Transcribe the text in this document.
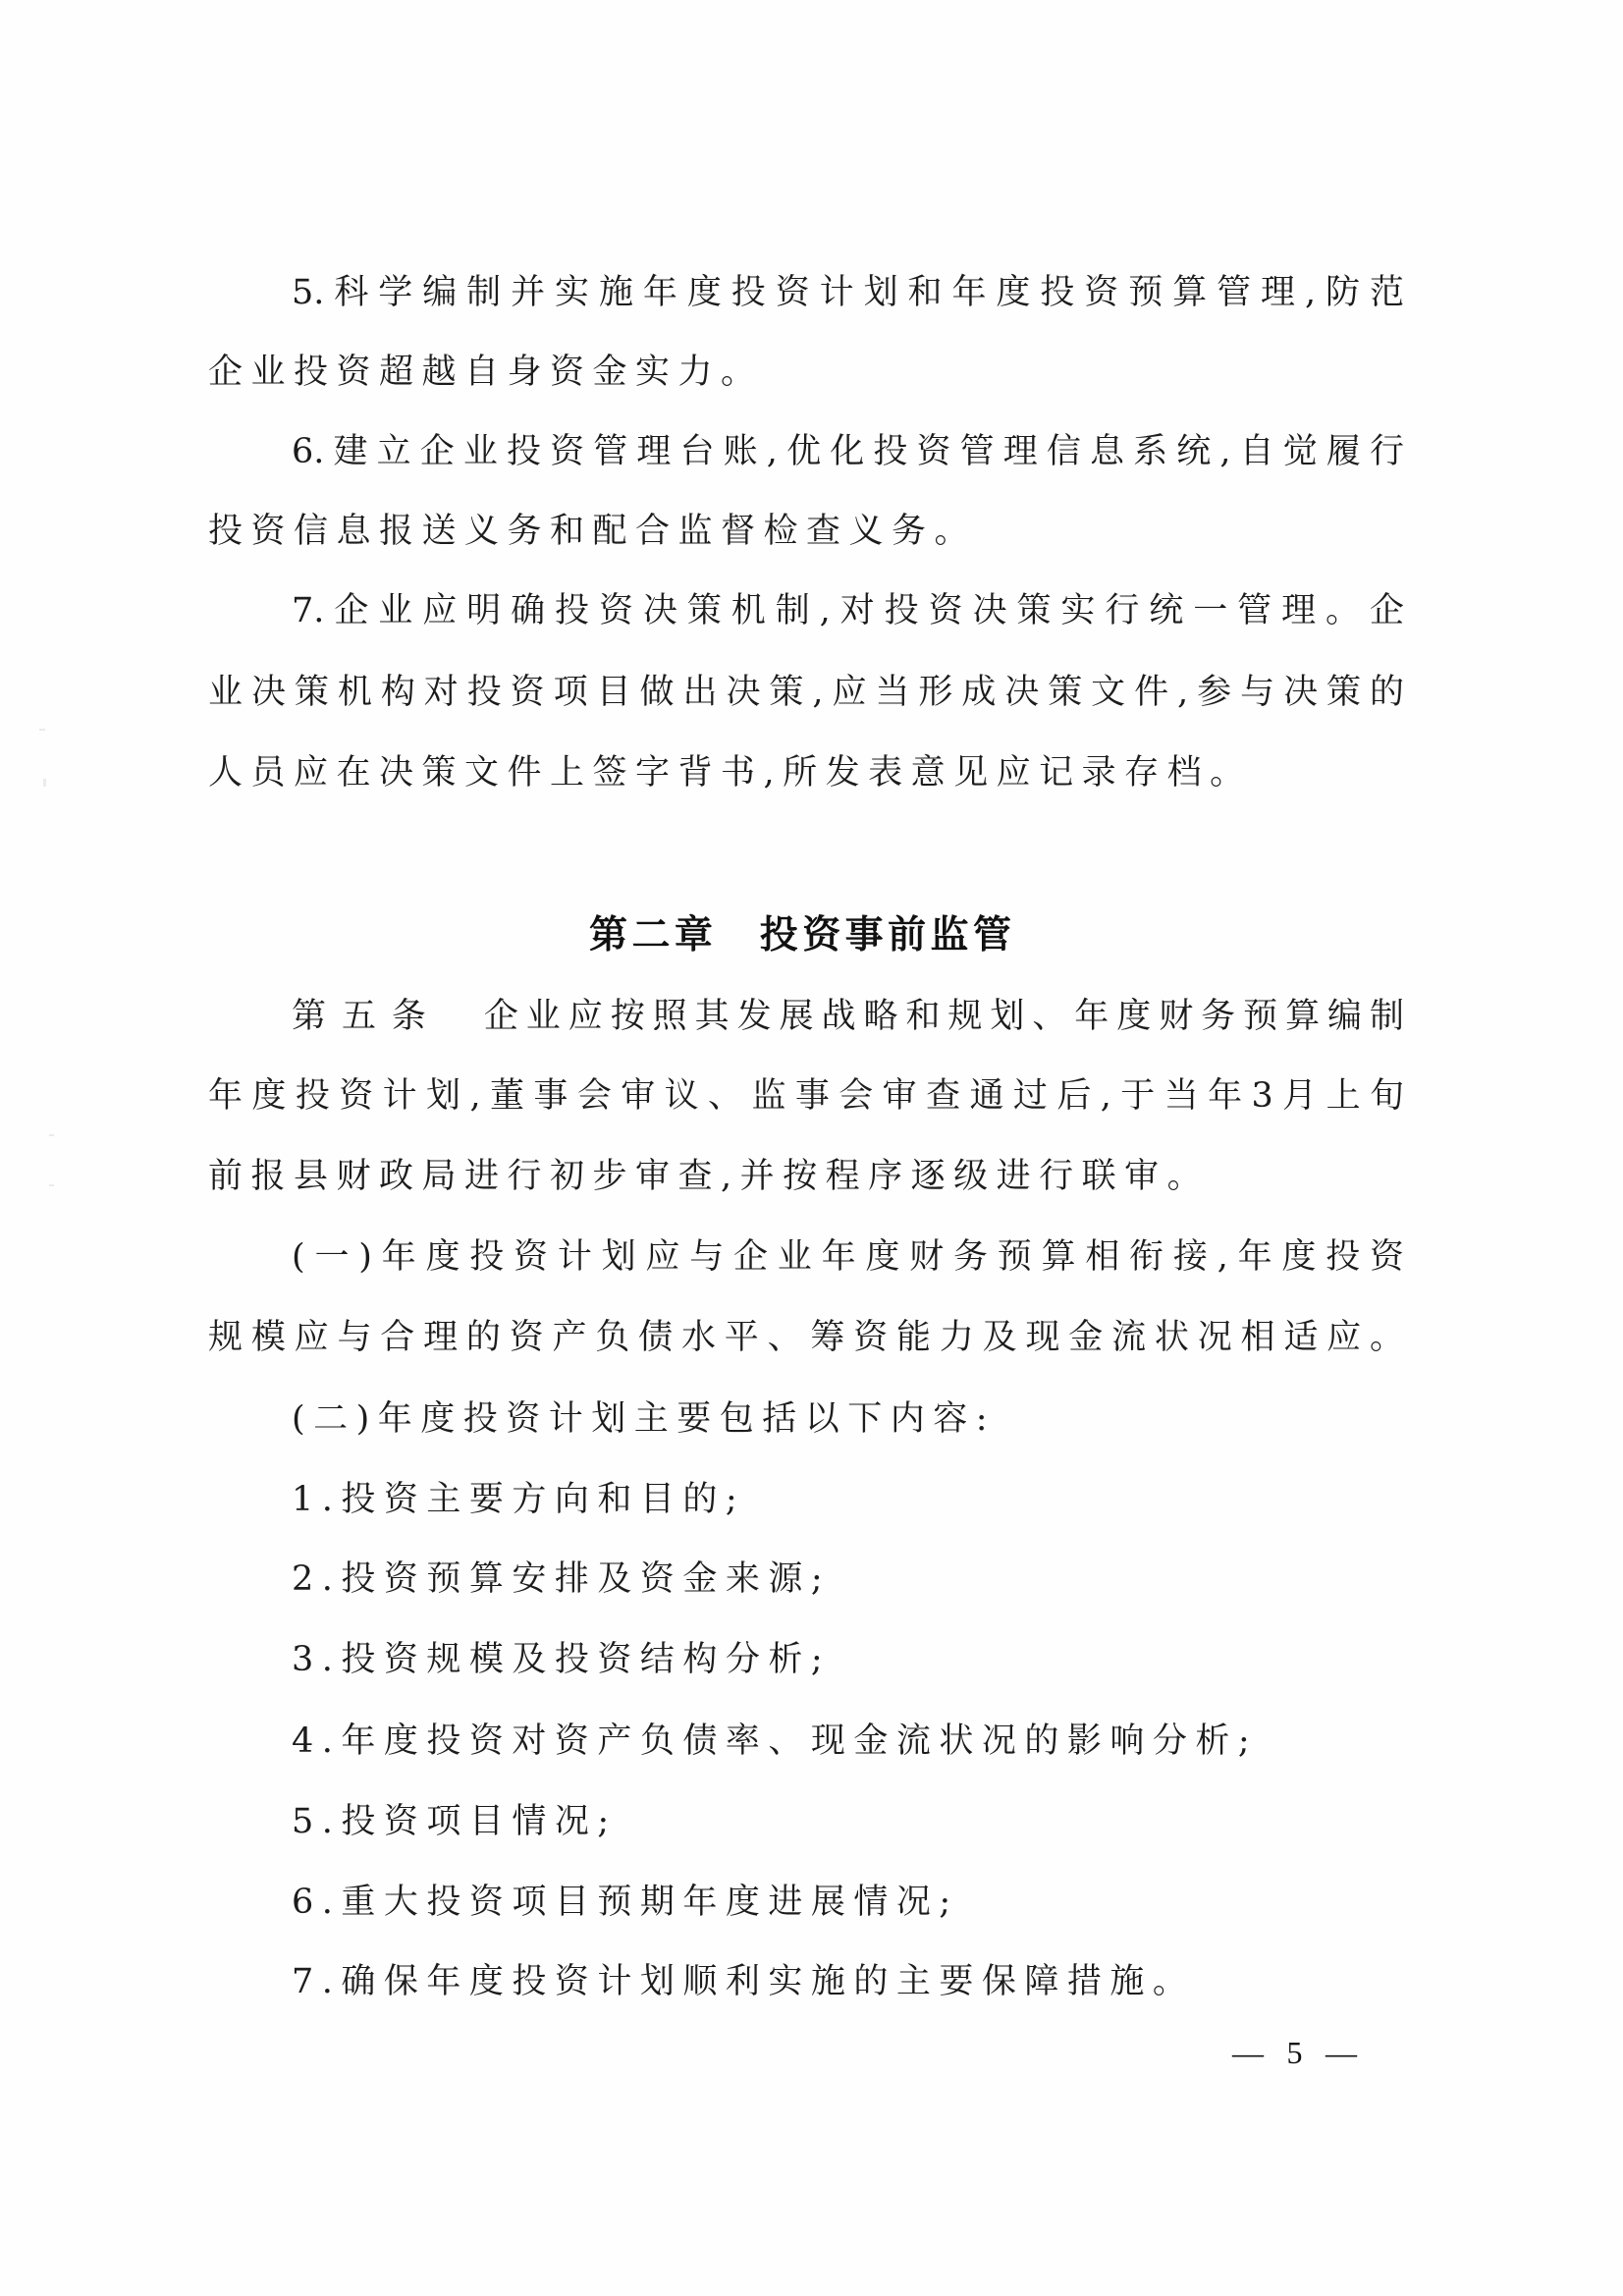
5.科学编制并实施年度投资计划和年度投资预算管理,防范
企业投资超越自身资金实力。
6.建立企业投资管理台账,优化投资管理信息系统,自觉履行
投资信息报送义务和配合监督检查义务。
7.企业应明确投资决策机制,对投资决策实行统一管理。企
业决策机构对投资项目做出决策,应当形成决策文件,参与决策的
人员应在决策文件上签字背书,所发表意见应记录存档。
第二章　投资事前监管
第五条　企业应按照其发展战略和规划、年度财务预算编制
年度投资计划,董事会审议、监事会审查通过后,于当年3月上旬
前报县财政局进行初步审查,并按程序逐级进行联审。
(一)年度投资计划应与企业年度财务预算相衔接,年度投资
规模应与合理的资产负债水平、筹资能力及现金流状况相适应。
(二)年度投资计划主要包括以下内容:
1.投资主要方向和目的;
2.投资预算安排及资金来源;
3.投资规模及投资结构分析;
4.年度投资对资产负债率、现金流状况的影响分析;
5.投资项目情况;
6.重大投资项目预期年度进展情况;
7.确保年度投资计划顺利实施的主要保障措施。
— 5 —
